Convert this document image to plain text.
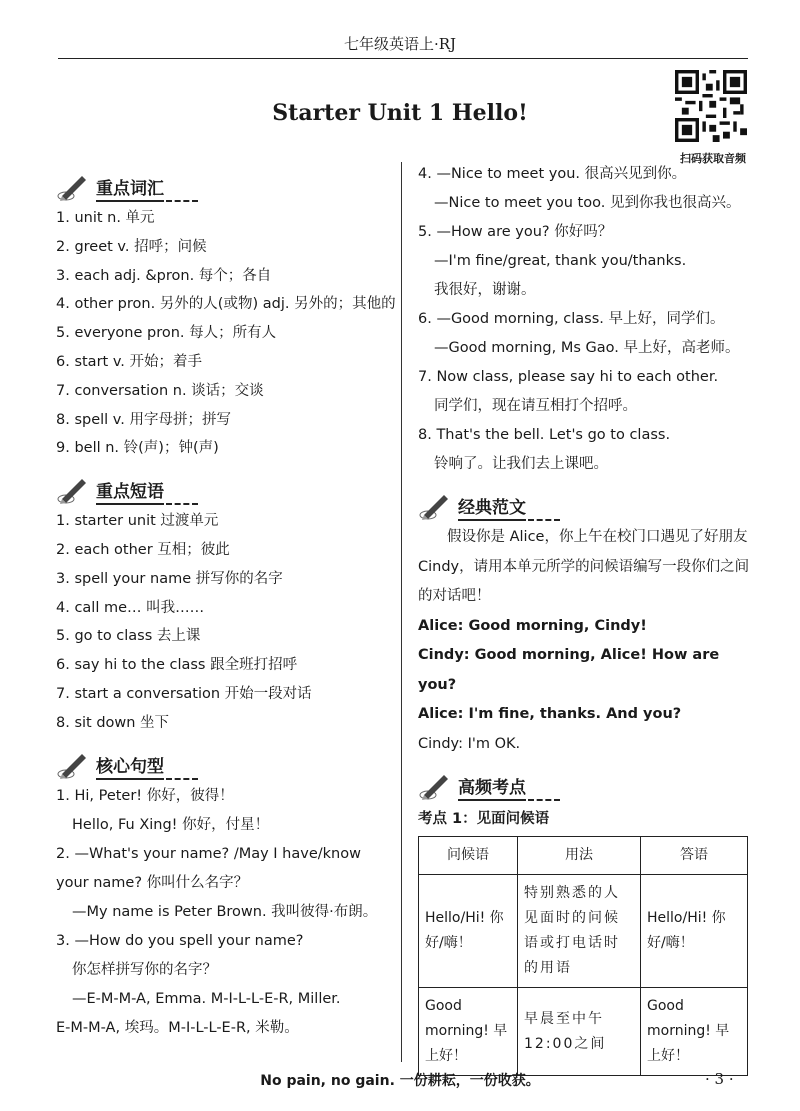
七年级英语上·RJ
Starter Unit 1 Hello!
扫码获取音频
重点词汇
1. unit n. 单元
2. greet v. 招呼；问候
3. each adj. &pron. 每个；各自
4. other pron. 另外的人(或物) adj. 另外的；其他的
5. everyone pron. 每人；所有人
6. start v. 开始；着手
7. conversation n. 谈话；交谈
8. spell v. 用字母拼；拼写
9. bell n. 铃(声)；钟(声)
重点短语
1. starter unit 过渡单元
2. each other 互相；彼此
3. spell your name 拼写你的名字
4. call me… 叫我……
5. go to class 去上课
6. say hi to the class 跟全班打招呼
7. start a conversation 开始一段对话
8. sit down 坐下
核心句型

1. Hi, Peter! 你好，彼得！

Hello, Fu Xing! 你好，付星！

2. —What's your name? /May I have/know your name? 你叫什么名字？

—My name is Peter Brown. 我叫彼得·布朗。

3. —How do you spell your name?

你怎样拼写你的名字？

—E-M-M-A, Emma. M-I-L-L-E-R, Miller.

E-M-M-A, 埃玛。M-I-L-L-E-R, 米勒。

4. —Nice to meet you. 很高兴见到你。

—Nice to meet you too. 见到你我也很高兴。

5. —How are you? 你好吗？

—I'm fine/great, thank you/thanks.

我很好，谢谢。

6. —Good morning, class. 早上好，同学们。

—Good morning, Ms Gao. 早上好，高老师。

7. Now class, please say hi to each other.

同学们，现在请互相打个招呼。

8. That's the bell. Let's go to class.

铃响了。让我们去上课吧。

经典范文

假设你是 Alice，你上午在校门口遇见了好朋友 Cindy，请用本单元所学的问候语编写一段你们之间的对话吧！

Alice: Good morning, Cindy!

Cindy: Good morning, Alice! How are you?

Alice: I'm fine, thanks. And you?

Cindy: I'm OK.

高频考点
考点 1：见面问候语
问候语	用法	答语
Hello/Hi! 你好/嗨！	特别熟悉的人见面时的问候语或打电话时的用语	Hello/Hi! 你好/嗨！
Good morning! 早上好！	早晨至中午12:00之间	Good morning! 早上好！
No pain, no gain. 一份耕耘，一份收获。	· 3 ·
